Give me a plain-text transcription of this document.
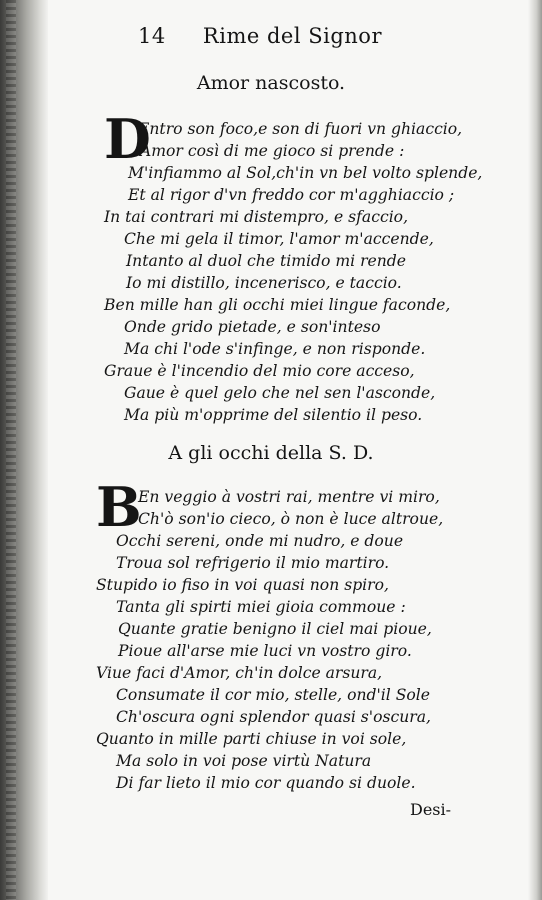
14 Rime del Signor
Amor nascosto.
D
Entro son foco,e son di fuori vn ghiaccio,
Amor così di me gioco si prende :
M'infiammo al Sol,ch'in vn bel volto splende,
Et al rigor d'vn freddo cor m'agghiaccio ;
In tai contrari mi distempro, e sfaccio,
Che mi gela il timor, l'amor m'accende,
Intanto al duol che timido mi rende
Io mi distillo, incenerisco, e taccio.
Ben mille han gli occhi miei lingue faconde,
Onde grido pietade, e son'inteso
Ma chi l'ode s'infinge, e non risponde.
Graue è l'incendio del mio core acceso,
Gaue è quel gelo che nel sen l'asconde,
Ma più m'opprime del silentio il peso.
A gli occhi della S. D.
B
En veggio à vostri rai, mentre vi miro,
Ch'ò son'io cieco, ò non è luce altroue,
Occhi sereni, onde mi nudro, e doue
Troua sol refrigerio il mio martiro.
Stupido io fiso in voi quasi non spiro,
Tanta gli spirti miei gioia commoue :
Quante gratie benigno il ciel mai pioue,
Pioue all'arse mie luci vn vostro giro.
Viue faci d'Amor, ch'in dolce arsura,
Consumate il cor mio, stelle, ond'il Sole
Ch'oscura ogni splendor quasi s'oscura,
Quanto in mille parti chiuse in voi sole,
Ma solo in voi pose virtù Natura
Di far lieto il mio cor quando si duole.
Desi-
